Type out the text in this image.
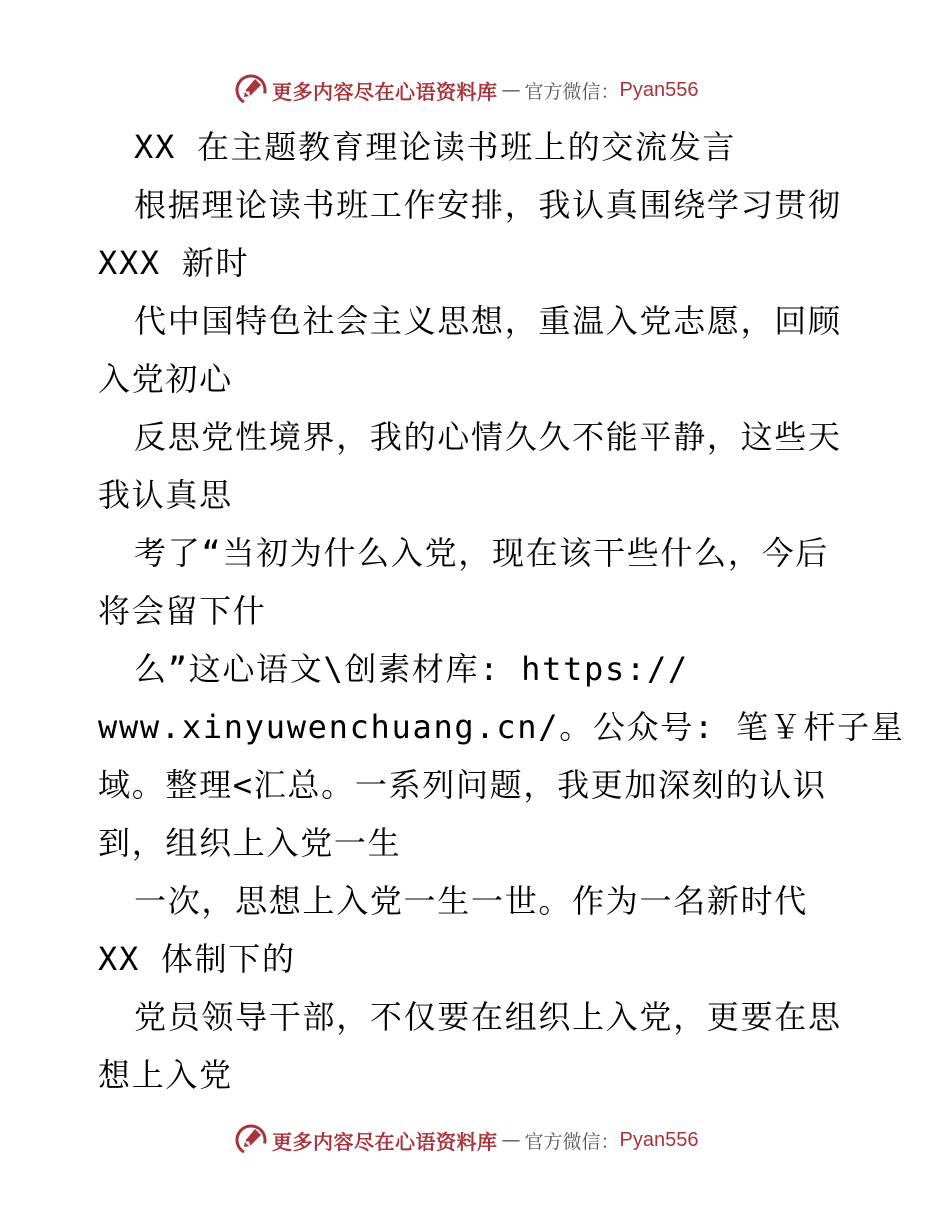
更多内容尽在心语资料库 — 官方微信： Pyan556
XX 在主题教育理论读书班上的交流发言
根据理论读书班工作安排，我认真围绕学习贯彻
XXX 新时
代中国特色社会主义思想，重温入党志愿，回顾
入党初心
反思党性境界，我的心情久久不能平静，这些天
我认真思
考了“当初为什么入党，现在该干些什么，今后
将会留下什
么”这心语文\创素材库: https://
www.xinyuwenchuang.cn/。公众号: 笔￥杆子星
域。整理<汇总。一系列问题，我更加深刻的认识
到，组织上入党一生
一次，思想上入党一生一世。作为一名新时代
XX 体制下的
党员领导干部，不仅要在组织上入党，更要在思
想上入党
更多内容尽在心语资料库 — 官方微信： Pyan556
